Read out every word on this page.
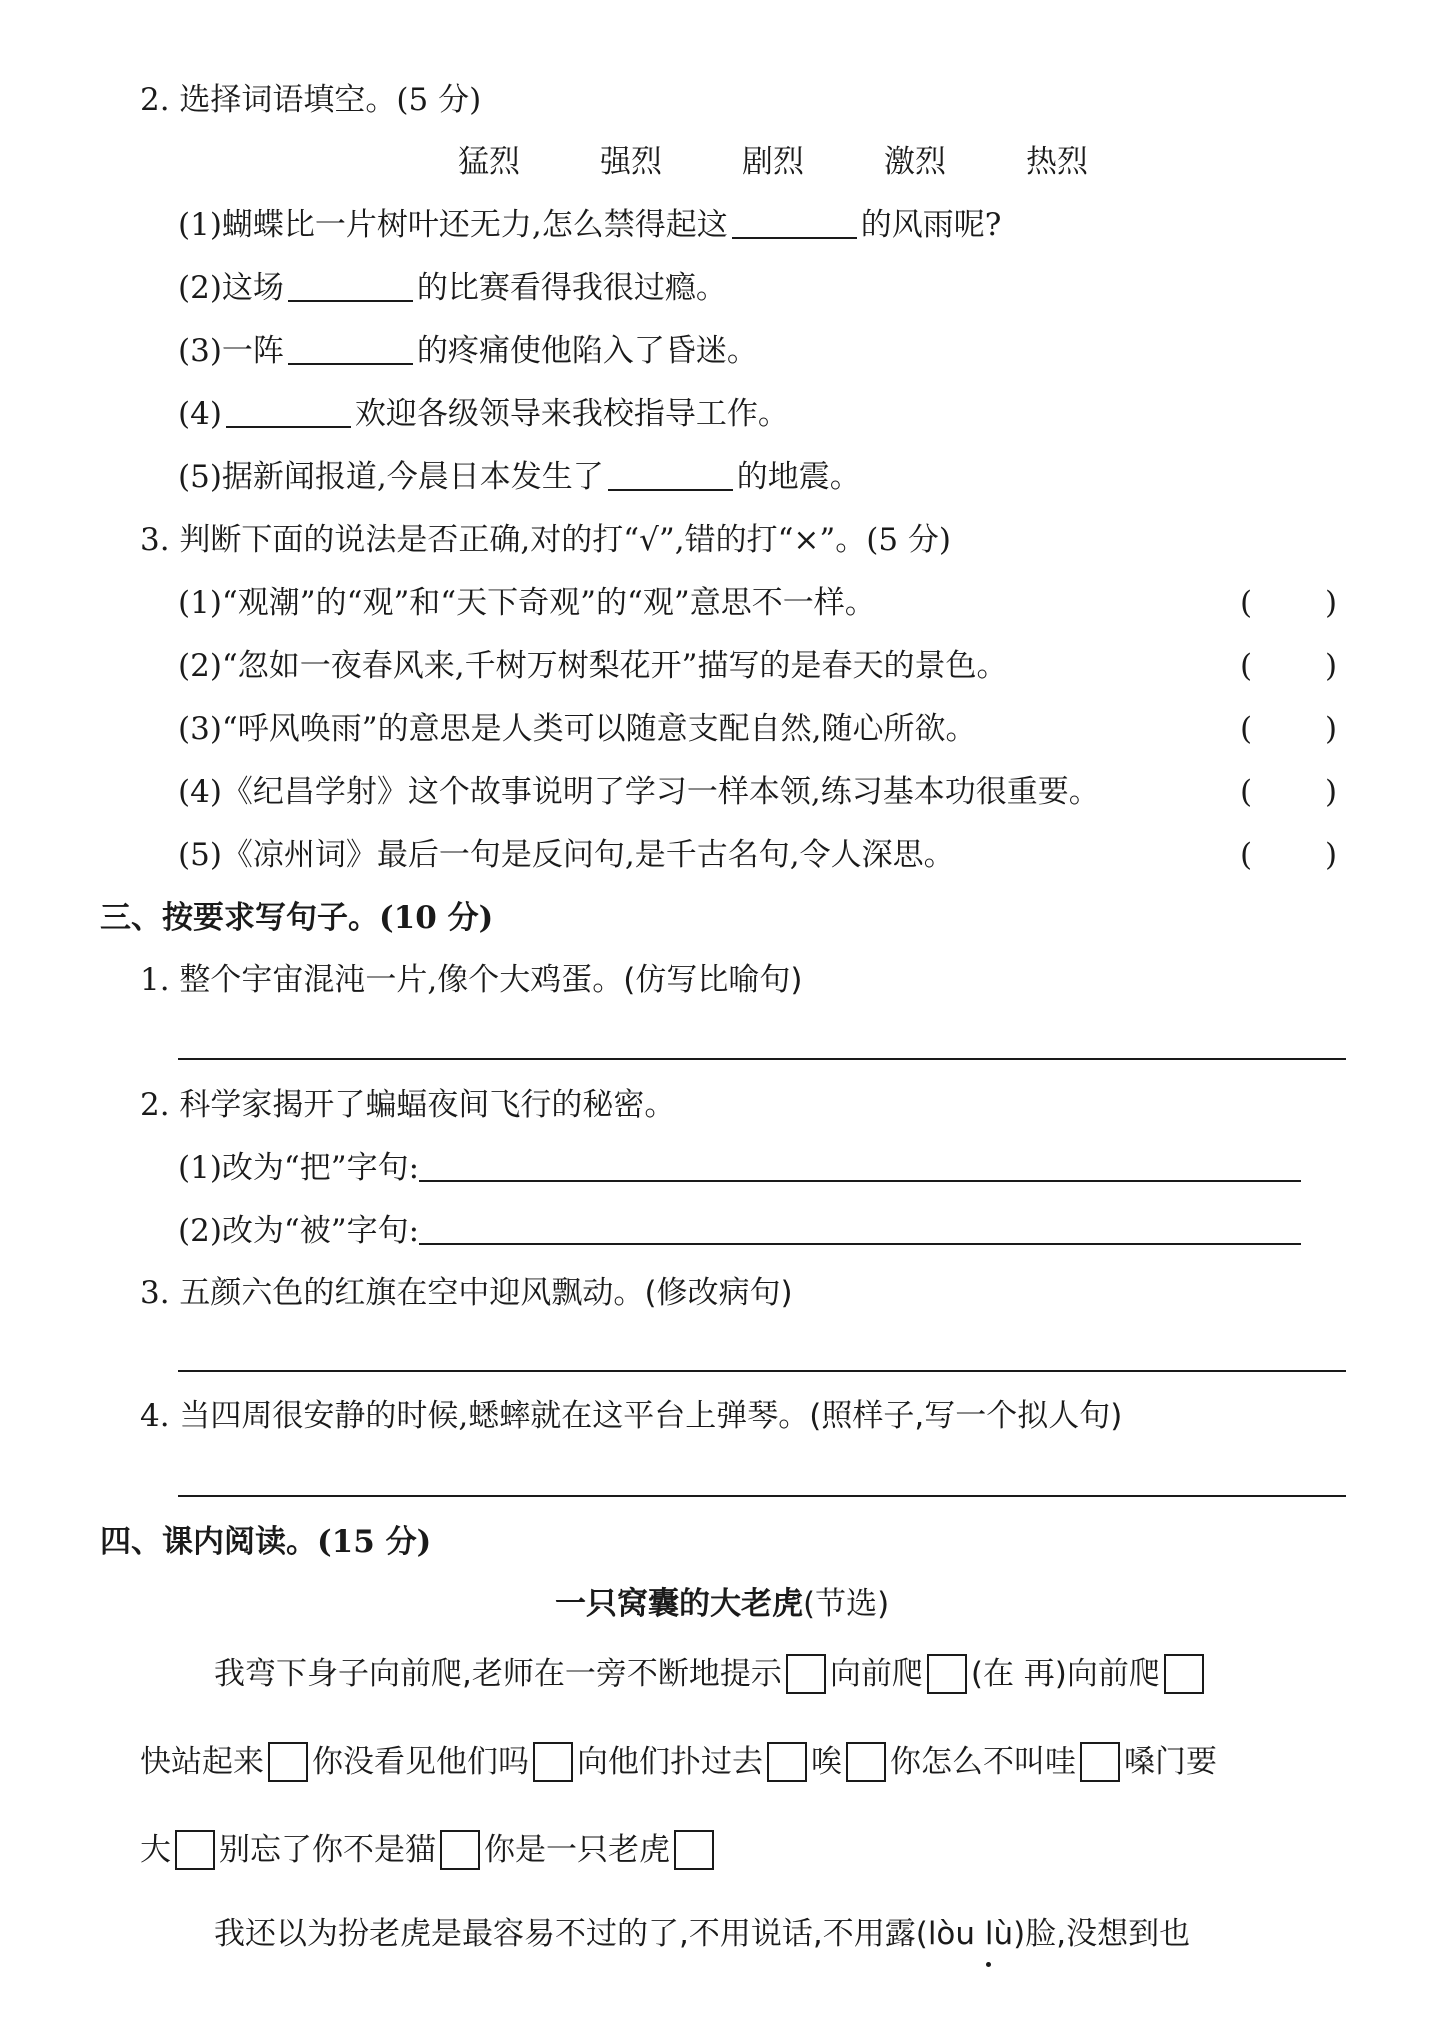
2. 选择词语填空。(5 分)
猛烈	强烈	剧烈	激烈	热烈
(1)蝴蝶比一片树叶还无力,怎么禁得起这	的风雨呢?
(2)这场	的比赛看得我很过瘾。
(3)一阵	的疼痛使他陷入了昏迷。
(4)	欢迎各级领导来我校指导工作。
(5)据新闻报道,今晨日本发生了	的地震。
3. 判断下面的说法是否正确,对的打“√”,错的打“×”。(5 分)
(1)“观潮”的“观”和“天下奇观”的“观”意思不一样。	( )
(2)“忽如一夜春风来,千树万树梨花开”描写的是春天的景色。	( )
(3)“呼风唤雨”的意思是人类可以随意支配自然,随心所欲。	( )
(4)《纪昌学射》这个故事说明了学习一样本领,练习基本功很重要。	( )
(5)《凉州词》最后一句是反问句,是千古名句,令人深思。	( )
三、按要求写句子。(10 分)
1. 整个宇宙混沌一片,像个大鸡蛋。(仿写比喻句)
2. 科学家揭开了蝙蝠夜间飞行的秘密。
(1)改为“把”字句:
(2)改为“被”字句:
3. 五颜六色的红旗在空中迎风飘动。(修改病句)
4. 当四周很安静的时候,蟋蟀就在这平台上弹琴。(照样子,写一个拟人句)
四、课内阅读。(15 分)
一只窝囊的大老虎(节选)
我弯下身子向前爬,老师在一旁不断地提示 向前爬 (在 再)向前爬
快站起来 你没看见他们吗 向他们扑过去 唉 你怎么不叫哇 嗓门要
大 别忘了你不是猫 你是一只老虎
我还以为扮老虎是最容易不过的了,不用说话,不用露(lòu lù)脸,没想到也
